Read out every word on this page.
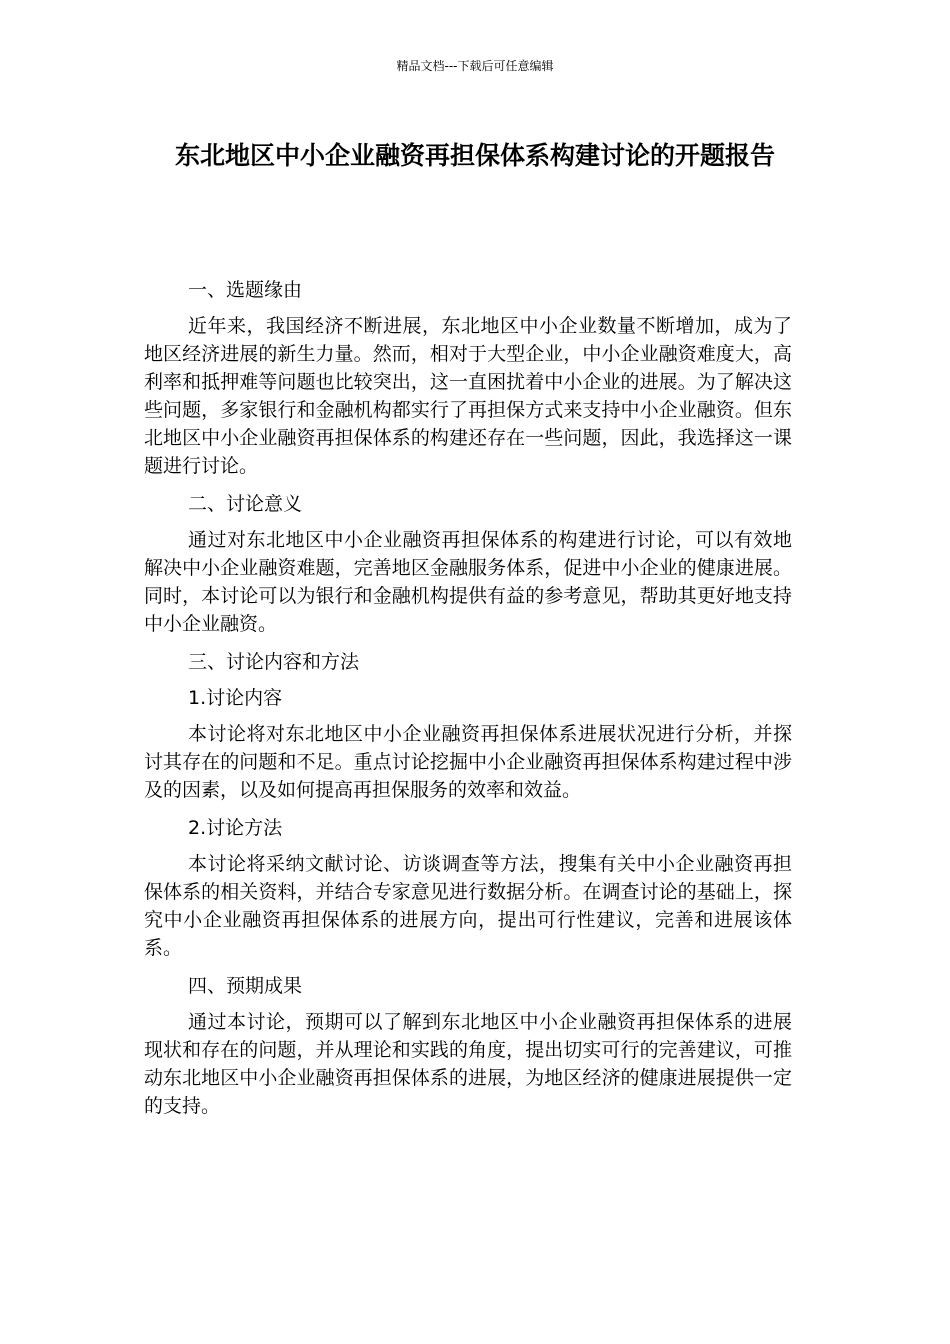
精品文档---下载后可任意编辑
东北地区中小企业融资再担保体系构建讨论的开题报告

一、选题缘由

近年来，我国经济不断进展，东北地区中小企业数量不断增加，成为了地区经济进展的新生力量。然而，相对于大型企业，中小企业融资难度大，高利率和抵押难等问题也比较突出，这一直困扰着中小企业的进展。为了解决这些问题，多家银行和金融机构都实行了再担保方式来支持中小企业融资。但东北地区中小企业融资再担保体系的构建还存在一些问题，因此，我选择这一课题进行讨论。

二、讨论意义

通过对东北地区中小企业融资再担保体系的构建进行讨论，可以有效地解决中小企业融资难题，完善地区金融服务体系，促进中小企业的健康进展。同时，本讨论可以为银行和金融机构提供有益的参考意见，帮助其更好地支持中小企业融资。

三、讨论内容和方法

1.讨论内容

本讨论将对东北地区中小企业融资再担保体系进展状况进行分析，并探讨其存在的问题和不足。重点讨论挖掘中小企业融资再担保体系构建过程中涉及的因素，以及如何提高再担保服务的效率和效益。

2.讨论方法

本讨论将采纳文献讨论、访谈调查等方法，搜集有关中小企业融资再担保体系的相关资料，并结合专家意见进行数据分析。在调查讨论的基础上，探究中小企业融资再担保体系的进展方向，提出可行性建议，完善和进展该体系。

四、预期成果

通过本讨论，预期可以了解到东北地区中小企业融资再担保体系的进展现状和存在的问题，并从理论和实践的角度，提出切实可行的完善建议，可推动东北地区中小企业融资再担保体系的进展，为地区经济的健康进展提供一定的支持。
